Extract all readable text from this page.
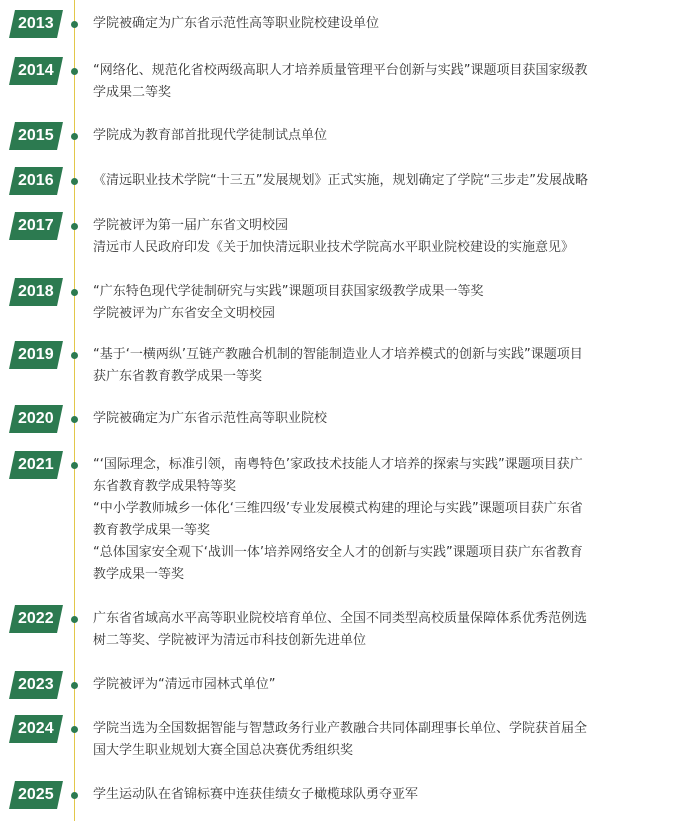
2013	学院被确定为广东省示范性高等职业院校建设单位
2014	“网络化、规范化省校两级高职人才培养质量管理平台创新与实践”课题项目获国家级教
学成果二等奖
2015	学院成为教育部首批现代学徒制试点单位
2016	《清远职业技术学院“十三五”发展规划》正式实施，规划确定了学院“三步走”发展战略
2017	学院被评为第一届广东省文明校园
清远市人民政府印发《关于加快清远职业技术学院高水平职业院校建设的实施意见》
2018	“广东特色现代学徒制研究与实践”课题项目获国家级教学成果一等奖
学院被评为广东省安全文明校园
2019	“基于‘一横两纵’互链产教融合机制的智能制造业人才培养模式的创新与实践”课题项目
获广东省教育教学成果一等奖
2020	学院被确定为广东省示范性高等职业院校
2021	“‘国际理念，标准引领，南粤特色’家政技术技能人才培养的探索与实践”课题项目获广
东省教育教学成果特等奖
“中小学教师城乡一体化‘三维四级’专业发展模式构建的理论与实践”课题项目获广东省
教育教学成果一等奖
“总体国家安全观下‘战训一体’培养网络安全人才的创新与实践”课题项目获广东省教育
教学成果一等奖
2022	广东省省域高水平高等职业院校培育单位、全国不同类型高校质量保障体系优秀范例选
树二等奖、学院被评为清远市科技创新先进单位
2023	学院被评为“清远市园林式单位”
2024	学院当选为全国数据智能与智慧政务行业产教融合共同体副理事长单位、学院获首届全
国大学生职业规划大赛全国总决赛优秀组织奖
2025	学生运动队在省锦标赛中连获佳绩女子橄榄球队勇夺亚军
